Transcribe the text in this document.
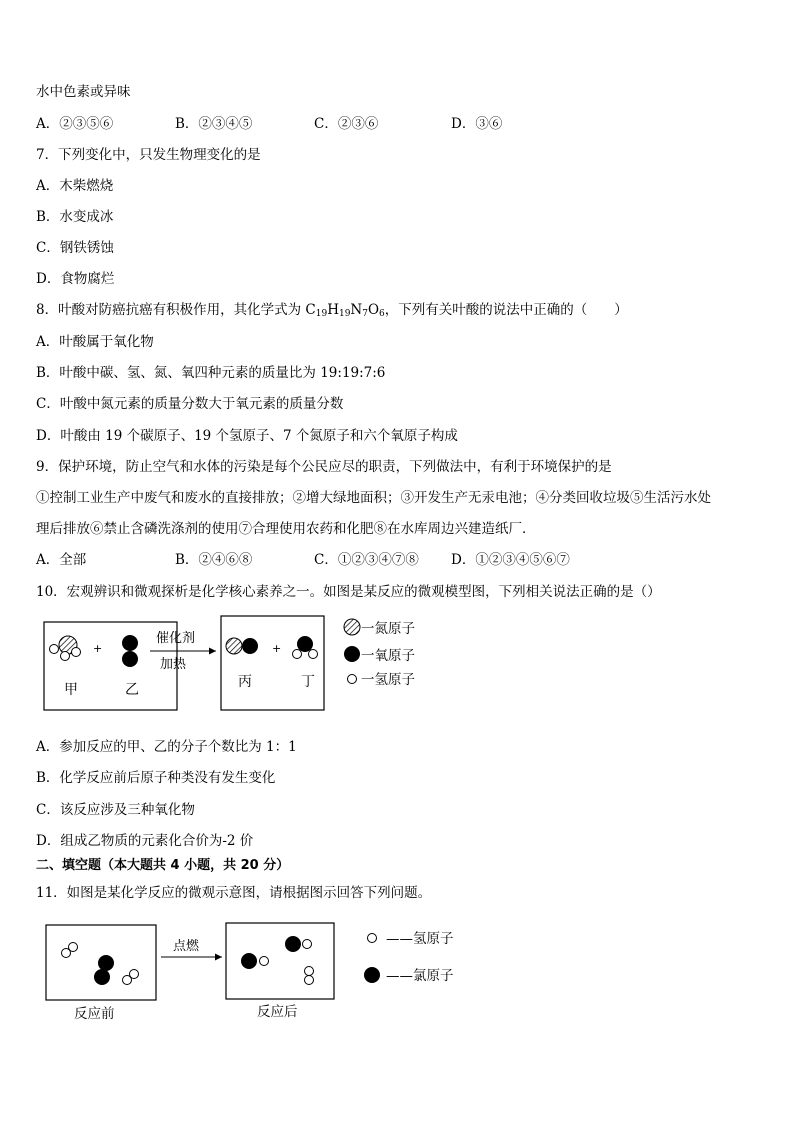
水中色素或异味
A．②③⑤⑥	B．②③④⑤	C．②③⑥	D．③⑥
7．下列变化中，只发生物理变化的是
A．木柴燃烧
B．水变成冰
C．钢铁锈蚀
D．食物腐烂
8．叶酸对防癌抗癌有积极作用，其化学式为 $C_{19}H_{19}N_7O_6$，下列有关叶酸的说法中正确的（　　）
A．叶酸属于氧化物
B．叶酸中碳、氢、氮、氧四种元素的质量比为 19:19:7:6
C．叶酸中氮元素的质量分数大于氧元素的质量分数
D．叶酸由 19 个碳原子、19 个氢原子、7 个氮原子和六个氧原子构成
9．保护环境，防止空气和水体的污染是每个公民应尽的职责，下列做法中，有利于环境保护的是
①控制工业生产中废气和废水的直接排放；②增大绿地面积；③开发生产无汞电池；④分类回收垃圾⑤生活污水处
理后排放⑥禁止含磷洗涤剂的使用⑦合理使用农药和化肥⑧在水库周边兴建造纸厂．
A．全部	B．②④⑥⑧	C．①②③④⑦⑧ D．①②③④⑤⑥⑦
10．宏观辨识和微观探析是化学核心素养之一。如图是某反应的微观模型图，下列相关说法正确的是（）
+
甲	乙
催化剂
加热
+
丙	丁
一氮原子
一氧原子
一氢原子
A．参加反应的甲、乙的分子个数比为 1：1
B．化学反应前后原子种类没有发生变化
C．该反应涉及三种氧化物
D．组成乙物质的元素化合价为-2 价
二、填空题（本大题共 4 小题，共 20 分）
11．如图是某化学反应的微观示意图，请根据图示回答下列问题。
反应前
点燃
反应后
——氢原子
——氯原子
